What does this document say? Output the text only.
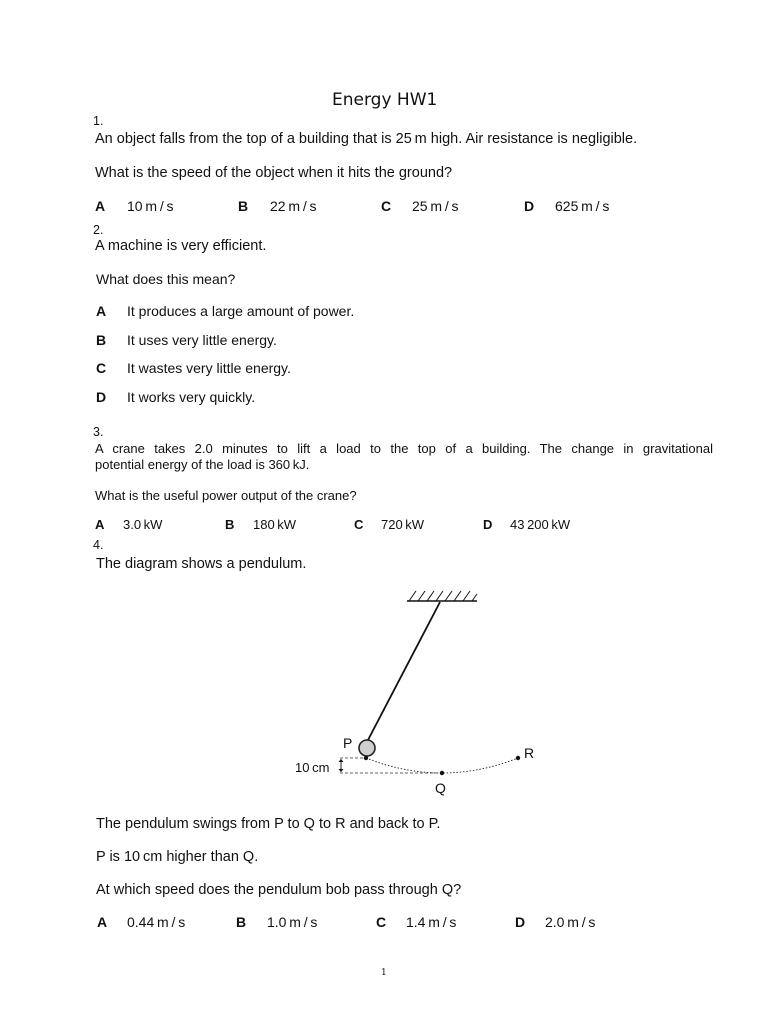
Energy HW1
1.
An object falls from the top of a building that is 25 m high. Air resistance is negligible.
What is the speed of the object when it hits the ground?
A 10 m / s	B 22 m / s	C 25 m / s	D 625 m / s
2.
A machine is very efficient.
What does this mean?
A It produces a large amount of power.
B It uses very little energy.
C It wastes very little energy.
D It works very quickly.
3.
A crane takes 2.0 minutes to lift a load to the top of a building. The change in gravitational
potential energy of the load is 360 kJ.
What is the useful power output of the crane?
A 3.0 kW	B 180 kW	C 720 kW	D 43 200 kW
4.
The diagram shows a pendulum.
P
Q
R
10 cm
The pendulum swings from P to Q to R and back to P.
P is 10 cm higher than Q.
At which speed does the pendulum bob pass through Q?
A 0.44 m / s	B 1.0 m / s	C 1.4 m / s	D 2.0 m / s
1
